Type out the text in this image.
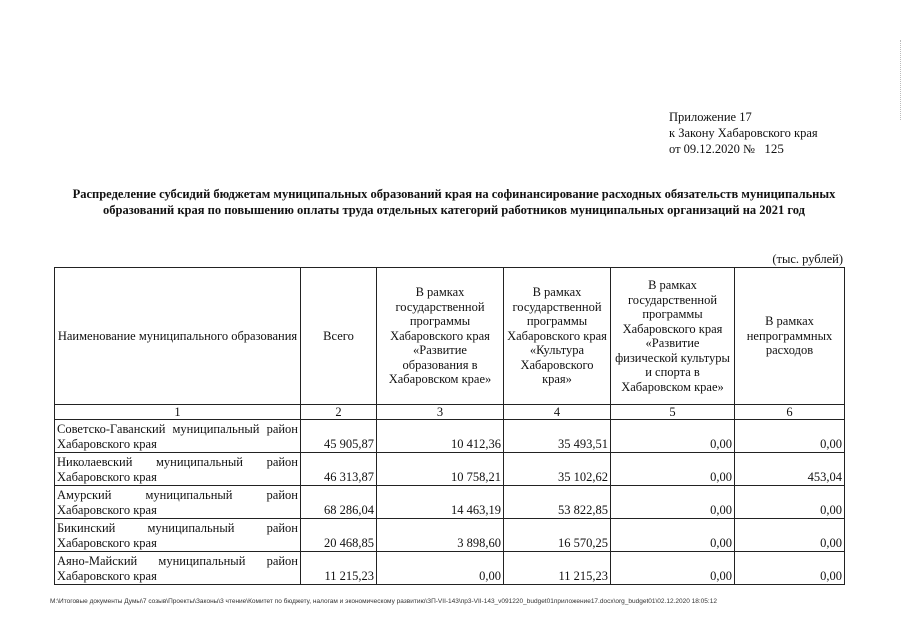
Приложение 17
к Закону Хабаровского края
от 09.12.2020 № 125
Распределение субсидий бюджетам муниципальных образований края на софинансирование расходных обязательств муниципальных образований края по повышению оплаты труда отдельных категорий работников муниципальных организаций на 2021 год
(тыс. рублей)
Наименование муниципального образования	Всего	В рамках государственной программы Хабаровского края «Развитие образования в Хабаровском крае»	В рамках государственной программы Хабаровского края «Культура Хабаровского края»	В рамках государственной программы Хабаровского края «Развитие физической культуры и спорта в Хабаровском крае»	В рамках непрограммных расходов
1	2	3	4	5	6
Советско-Гаванский муниципальный район Хабаровского края	45 905,87	10 412,36	35 493,51	0,00	0,00
Николаевский муниципальный район Хабаровского края	46 313,87	10 758,21	35 102,62	0,00	453,04
Амурский муниципальный район Хабаровского края	68 286,04	14 463,19	53 822,85	0,00	0,00
Бикинский муниципальный район Хабаровского края	20 468,85	3 898,60	16 570,25	0,00	0,00
Аяно-Майский муниципальный район Хабаровского края	11 215,23	0,00	11 215,23	0,00	0,00
M:\Итоговые документы Думы\7 созыв\Проекты\Законы\3 чтение\Комитет по бюджету, налогам и экономическому развитию\ЗП-VII-143\пр3-VII-143_v091220_budget01приложение17.docx\org_budget01\02.12.2020 18:05:12
